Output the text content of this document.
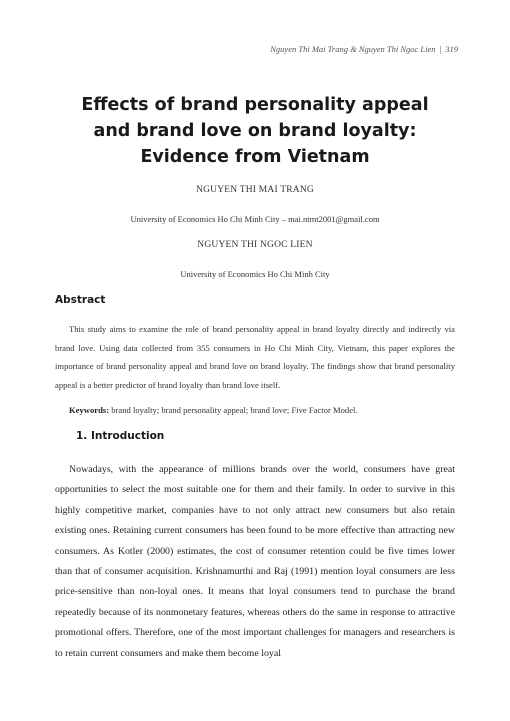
Nguyen Thi Mai Trang & Nguyen Thi Ngoc Lien | 319
Effects of brand personality appeal
and brand love on brand loyalty:
Evidence from Vietnam
NGUYEN THI MAI TRANG
University of Economics Ho Chi Minh City – mai.ntmt2001@gmail.com
NGUYEN THI NGOC LIEN
University of Economics Ho Chi Minh City
Abstract

This study aims to examine the role of brand personality appeal in brand loyalty directly and indirectly via brand love. Using data collected from 355 consumers in Ho Chi Minh City, Vietnam, this paper explores the importance of brand personality appeal and brand love on brand loyalty. The findings show that brand personality appeal is a better predictor of brand loyalty than brand love itself.

Keywords: brand loyalty; brand personality appeal; brand love; Five Factor Model.
1. Introduction

Nowadays, with the appearance of millions brands over the world, consumers have great opportunities to select the most suitable one for them and their family. In order to survive in this highly competitive market, companies have to not only attract new consumers but also retain existing ones. Retaining current consumers has been found to be more effective than attracting new consumers. As Kotler (2000) estimates, the cost of consumer retention could be five times lower than that of consumer acquisition. Krishnamurthi and Raj (1991) mention loyal consumers are less price-sensitive than non-loyal ones. It means that loyal consumers tend to purchase the brand repeatedly because of its nonmonetary features, whereas others do the same in response to attractive promotional offers. Therefore, one of the most important challenges for managers and researchers is to retain current consumers and make them become loyal
